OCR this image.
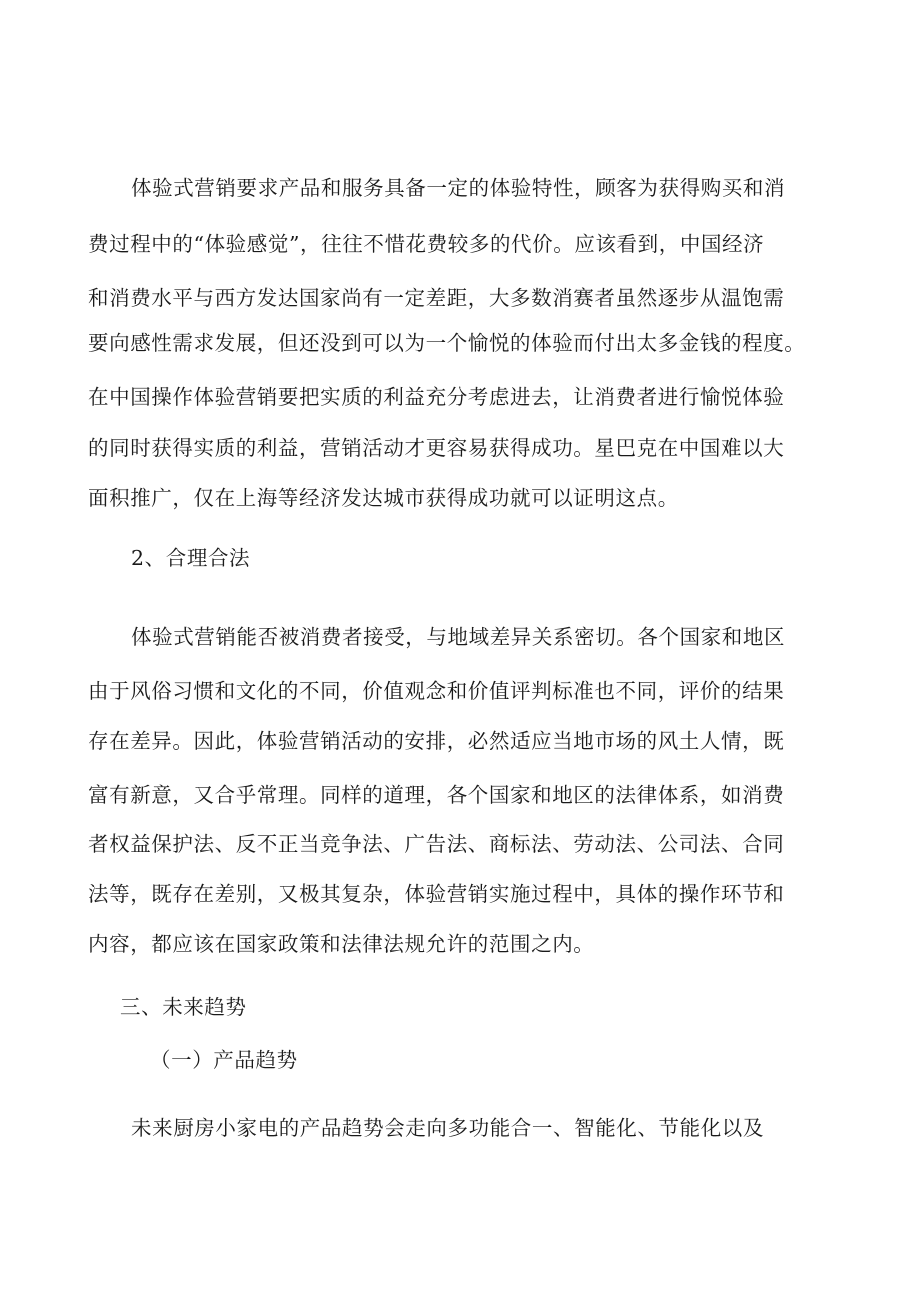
体验式营销要求产品和服务具备一定的体验特性，顾客为获得购买和消
费过程中的“体验感觉”，往往不惜花费较多的代价。应该看到，中国经济
和消费水平与西方发达国家尚有一定差距，大多数消赛者虽然逐步从温饱需
要向感性需求发展，但还没到可以为一个愉悦的体验而付出太多金钱的程度。
在中国操作体验营销要把实质的利益充分考虑进去，让消费者进行愉悦体验
的同时获得实质的利益，营销活动才更容易获得成功。星巴克在中国难以大
面积推广，仅在上海等经济发达城市获得成功就可以证明这点。
2、合理合法
体验式营销能否被消费者接受，与地域差异关系密切。各个国家和地区
由于风俗习惯和文化的不同，价值观念和价值评判标准也不同，评价的结果
存在差异。因此，体验营销活动的安排，必然适应当地市场的风土人情，既
富有新意，又合乎常理。同样的道理，各个国家和地区的法律体系，如消费
者权益保护法、反不正当竞争法、广告法、商标法、劳动法、公司法、合同
法等，既存在差别，又极其复杂，体验营销实施过程中，具体的操作环节和
内容，都应该在国家政策和法律法规允许的范围之内。
三、未来趋势
（一）产品趋势
未来厨房小家电的产品趋势会走向多功能合一、智能化、节能化以及
